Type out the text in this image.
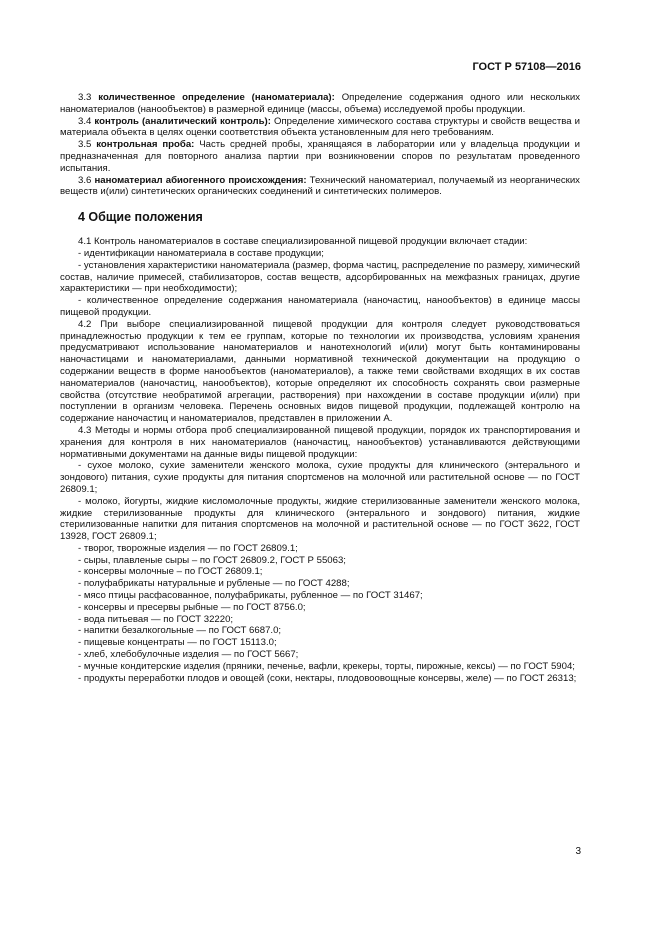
ГОСТ Р 57108—2016

3.3 количественное определение (наноматериала): Определение содержания одного или нескольких наноматериалов (нанообъектов) в размерной единице (массы, объема) исследуемой пробы продукции.

3.4 контроль (аналитический контроль): Определение химического состава структуры и свойств вещества и материала объекта в целях оценки соответствия объекта установленным для него требованиям.

3.5 контрольная проба: Часть средней пробы, хранящаяся в лаборатории или у владельца продукции и предназначенная для повторного анализа партии при возникновении споров по результатам проведенного испытания.

3.6 наноматериал абиогенного происхождения: Технический наноматериал, получаемый из неорганических веществ и(или) синтетических органических соединений и синтетических полимеров.

4 Общие положения

4.1 Контроль наноматериалов в составе специализированной пищевой продукции включает стадии:

- идентификации наноматериала в составе продукции;

- установления характеристики наноматериала (размер, форма частиц, распределение по размеру, химический состав, наличие примесей, стабилизаторов, состав веществ, адсорбированных на межфазных границах, другие характеристики — при необходимости);

- количественное определение содержания наноматериала (наночастиц, нанообъектов) в единице массы пищевой продукции.

4.2 При выборе специализированной пищевой продукции для контроля следует руководствоваться принадлежностью продукции к тем ее группам, которые по технологии их производства, условиям хранения предусматривают использование наноматериалов и нанотехнологий и(или) могут быть контаминированы наночастицами и наноматериалами, данными нормативной технической документации на продукцию о содержании веществ в форме нанообъектов (наноматериалов), а также теми свойствами входящих в их состав наноматериалов (наночастиц, нанообъектов), которые определяют их способность сохранять свои размерные свойства (отсутствие необратимой агрегации, растворения) при нахождении в составе продукции и(или) при поступлении в организм человека. Перечень основных видов пищевой продукции, подлежащей контролю на содержание наночастиц и наноматериалов, представлен в приложении А.

4.3 Методы и нормы отбора проб специализированной пищевой продукции, порядок их транспортирования и хранения для контроля в них наноматериалов (наночастиц, нанообъектов) устанавливаются действующими нормативными документами на данные виды пищевой продукции:

- сухое молоко, сухие заменители женского молока, сухие продукты для клинического (энтерального и зондового) питания, сухие продукты для питания спортсменов на молочной или растительной основе — по ГОСТ 26809.1;

- молоко, йогурты, жидкие кисломолочные продукты, жидкие стерилизованные заменители женского молока, жидкие стерилизованные продукты для клинического (энтерального и зондового) питания, жидкие стерилизованные напитки для питания спортсменов на молочной и растительной основе — по ГОСТ 3622, ГОСТ 13928, ГОСТ 26809.1;

- творог, творожные изделия — по ГОСТ 26809.1;

- сыры, плавленые сыры – по ГОСТ 26809.2, ГОСТ Р 55063;

- консервы молочные – по ГОСТ 26809.1;

- полуфабрикаты натуральные и рубленые — по ГОСТ 4288;

- мясо птицы расфасованное, полуфабрикаты, рубленное — по ГОСТ 31467;

- консервы и пресервы рыбные — по ГОСТ 8756.0;

- вода питьевая — по ГОСТ 32220;

- напитки безалкогольные — по ГОСТ 6687.0;

- пищевые концентраты — по ГОСТ 15113.0;

- хлеб, хлебобулочные изделия — по ГОСТ 5667;

- мучные кондитерские изделия (пряники, печенье, вафли, крекеры, торты, пирожные, кексы) — по ГОСТ 5904;

- продукты переработки плодов и овощей (соки, нектары, плодовоовощные консервы, желе) — по ГОСТ 26313;

3
